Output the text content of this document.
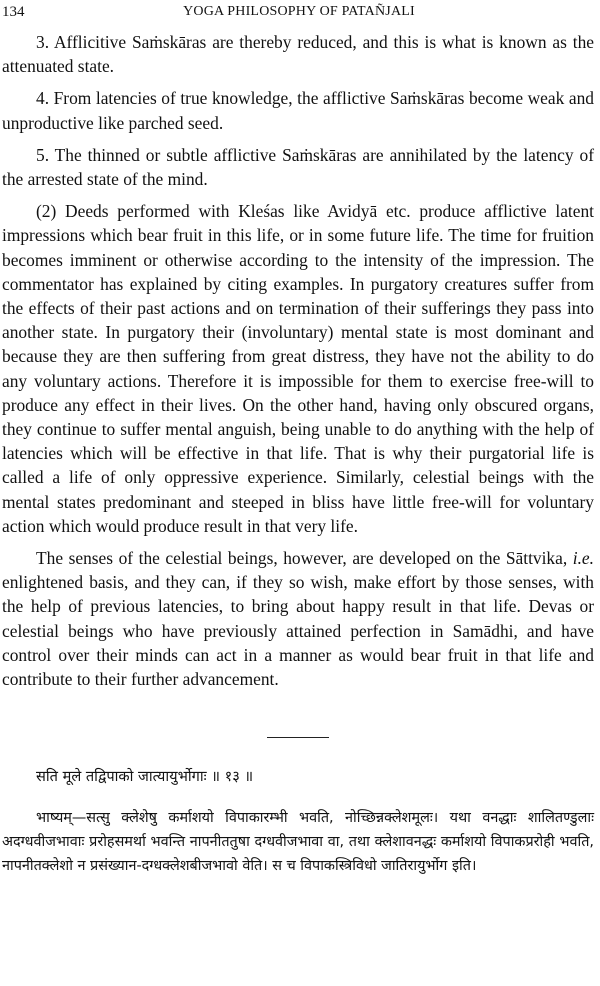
134	YOGA PHILOSOPHY OF PATAÑJALI

3. Afflicitive Saṁskāras are thereby reduced, and this is what is known as the attenuated state.

4. From latencies of true knowledge, the afflictive Saṁskāras become weak and unproductive like parched seed.

5. The thinned or subtle afflictive Saṁskāras are annihilated by the latency of the arrested state of the mind.

(2) Deeds performed with Kleśas like Avidyā etc. produce afflictive latent impressions which bear fruit in this life, or in some future life. The time for fruition becomes imminent or otherwise according to the intensity of the impression. The commentator has explained by citing examples. In purgatory creatures suffer from the effects of their past actions and on termination of their sufferings they pass into another state. In purgatory their (involuntary) mental state is most dominant and because they are then suffering from great distress, they have not the ability to do any voluntary actions. Therefore it is impossible for them to exercise free-will to produce any effect in their lives. On the other hand, having only obscured organs, they continue to suffer mental anguish, being unable to do anything with the help of latencies which will be effective in that life. That is why their purgatorial life is called a life of only oppressive experience. Similarly, celestial beings with the mental states predominant and steeped in bliss have little free-will for voluntary action which would produce result in that very life.

The senses of the celestial beings, however, are developed on the Sāttvika, i.e. enlightened basis, and they can, if they so wish, make effort by those senses, with the help of previous latencies, to bring about happy result in that life. Devas or celestial beings who have previously attained perfection in Samādhi, and have control over their minds can act in a manner as would bear fruit in that life and contribute to their further advancement.

सति मूले तद्विपाको जात्यायुर्भोगाः ॥ १३ ॥

भाष्यम्—सत्सु क्लेशेषु कर्माशयो विपाकारम्भी भवति, नोच्छिन्नक्लेशमूलः। यथा वनद्धाः शालितण्डुलाः अदग्धवीजभावाः प्ररोहसमर्था भवन्ति नापनीततुषा दग्धवीजभावा वा, तथा क्लेशावनद्धः कर्माशयो विपाकप्ररोही भवति, नापनीतक्लेशो न प्रसंख्यान-दग्धक्लेशबीजभावो वेति। स च विपाकस्त्रिविधो जातिरायुर्भोग इति।
